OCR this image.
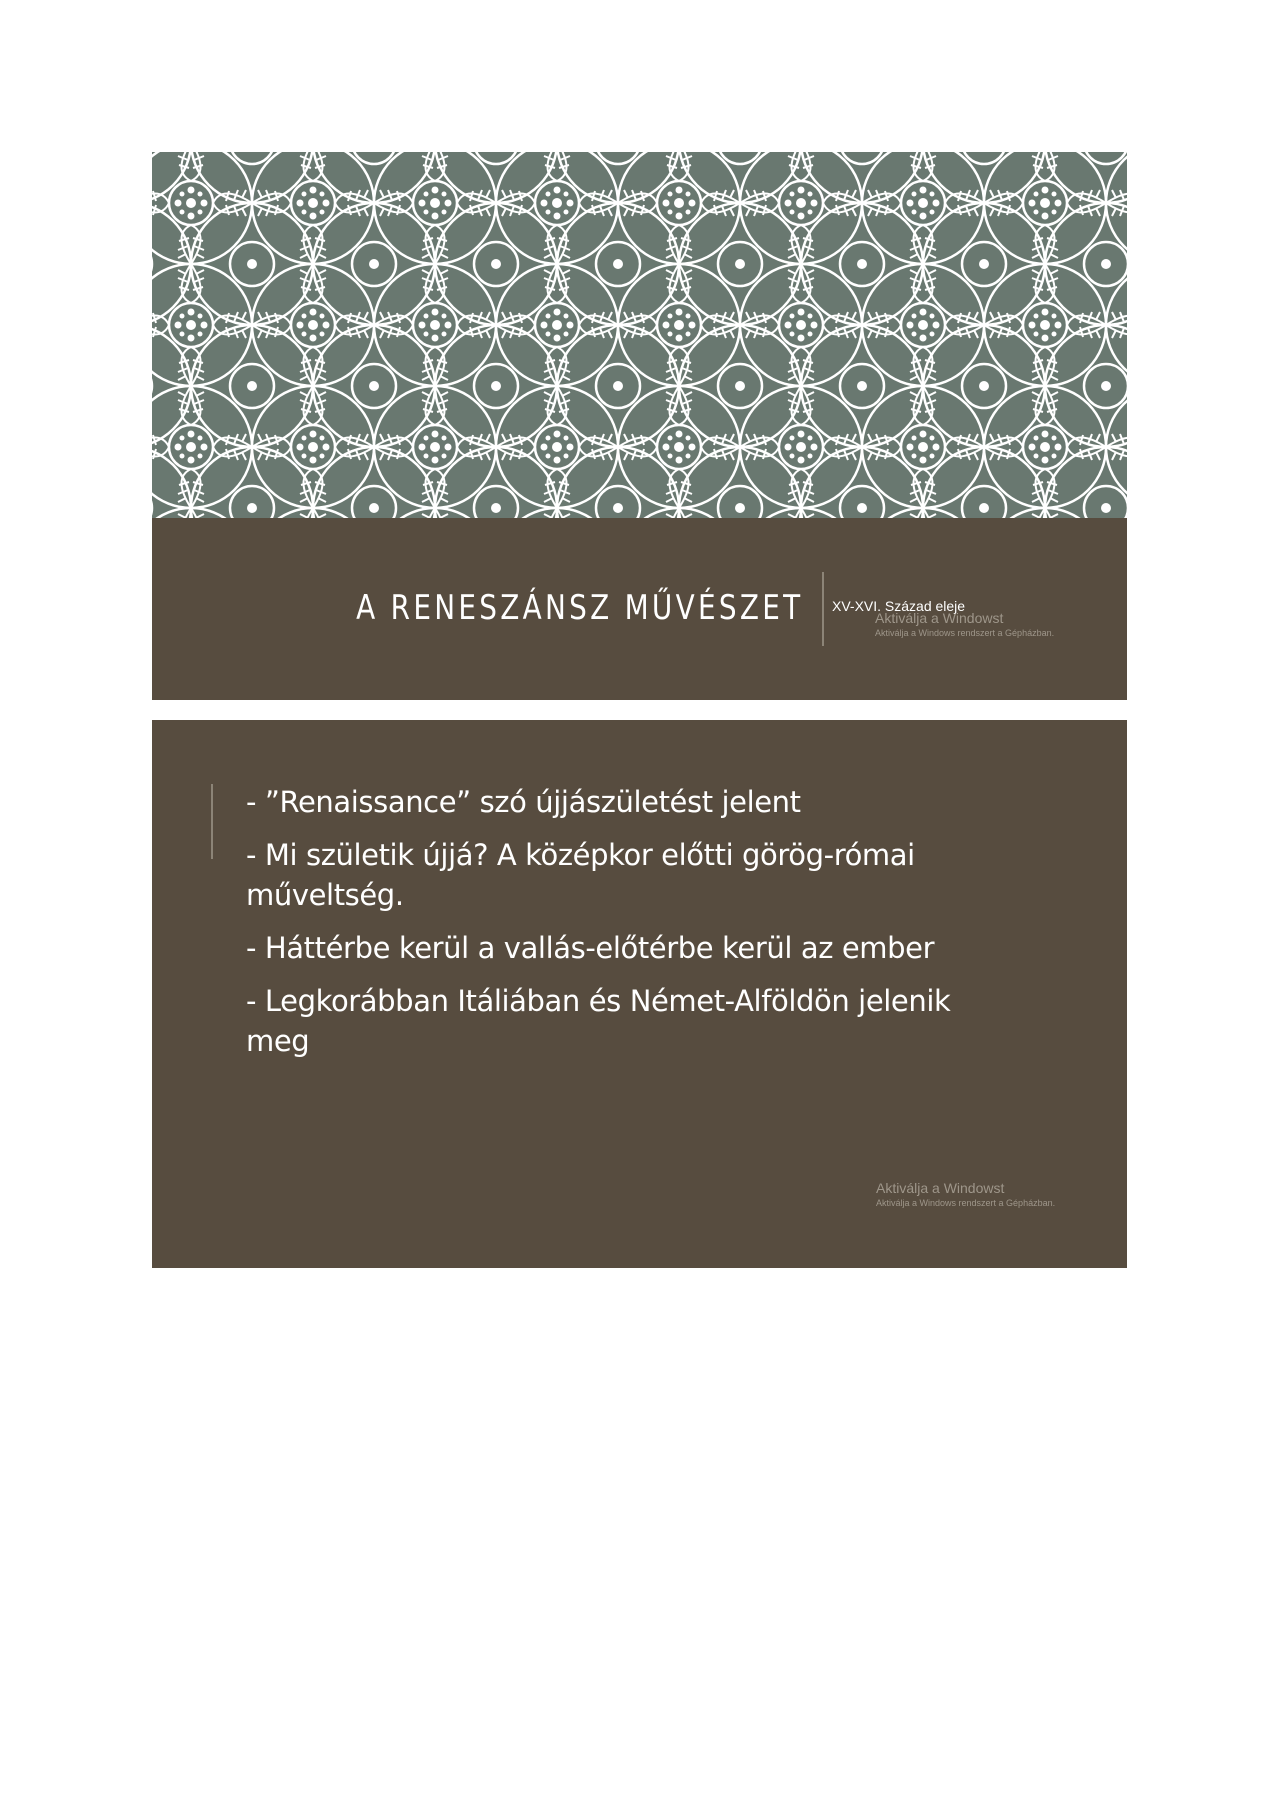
A RENESZÁNSZ MŰVÉSZET XV-XVI. Század eleje
Aktiválja a Windowst
Aktiválja a Windows rendszert a Gépházban.
- ”Renaissance” szó újjászületést jelent
- Mi születik újjá? A középkor előtti görög-római műveltség.
- Háttérbe kerül a vallás-előtérbe kerül az ember
- Legkorábban Itáliában és Német-Alföldön jelenik meg
Aktiválja a Windowst
Aktiválja a Windows rendszert a Gépházban.
